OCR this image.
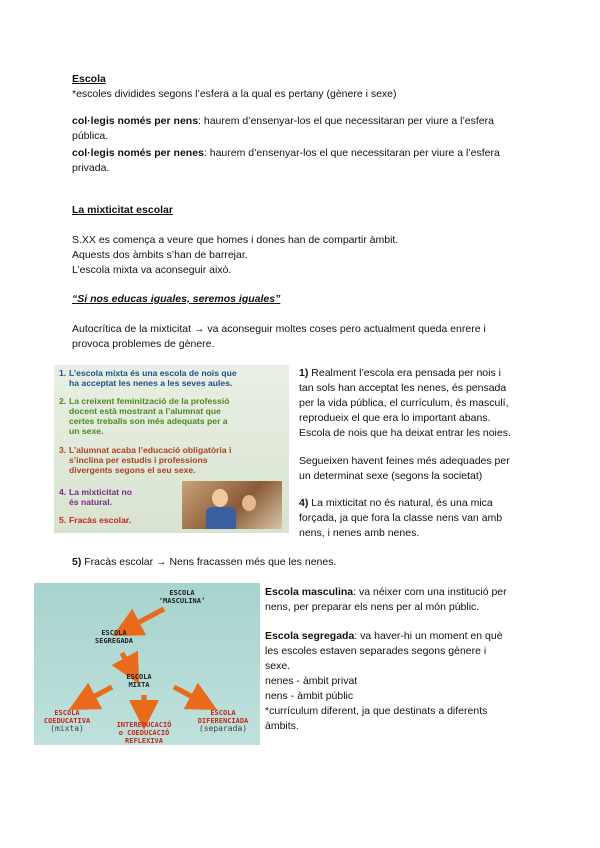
Escola
*escoles dividides segons l’esfera a la qual es pertany (gènere i sexe)
col·legis només per nens: haurem d’ensenyar-los el que necessitaran per viure a l’esfera
pública.
col·legis només per nenes: haurem d’ensenyar-los el que necessitaran per viure a l’esfera
privada.
La mixticitat escolar
S.XX es comença a veure que homes i dones han de compartir àmbit.
Aquests dos àmbits s’han de barrejar.
L’escola mixta va aconseguir això.
“Si nos educas iguales, seremos iguales”
Autocrítica de la mixticitat → va aconseguir moltes coses pero actualment queda enrere i
provoca problemes de gènere.
1. L’escola mixta és una escola de nois que
ha acceptat les nenes a les seves aules.
2. La creixent feminització de la professió
docent està mostrant a l’alumnat que
certes treballs son més adequats per a
un sexe.
3. L’alumnat acaba l’educació obligatòria i
s’inclina per estudis i professions
divergents segons el seu sexe.
4. La mixticitat no
és natural.
5. Fracàs escolar.
1) Realment l’escola era pensada per nois i
tan sols han acceptat les nenes, és pensada
per la vida pública, el currículum, és masculí,
reprodueix el que era lo important abans.
Escola de nois que ha deixat entrar les noies.
Segueixen havent feines més adequades per
un determinat sexe (segons la societat)
4) La mixticitat no és natural, és una mica
forçada, ja que fora la classe nens van amb
nens, i nenes amb nenes.
5) Fracàs escolar → Nens fracassen més que les nenes.
ESCOLA
‘MASCULINA’
ESCOLA
SEGREGADA
ESCOLA
MIXTA
ESCOLA
COEDUCATIVA
(mixta)	INTEREDUCACIÓ
o COEDUCACIÓ
REFLEXIVA
ESCOLA
DIFERENCIADA
(separada)
Escola masculina: va néixer com una institució per
nens, per preparar els nens per al món públic.
Escola segregada: va haver-hi un moment en què
les escoles estaven separades segons gènere i
sexe.
nenes - àmbit privat
nens - àmbit públic
*currículum diferent, ja que destinats a diferents
àmbits.
